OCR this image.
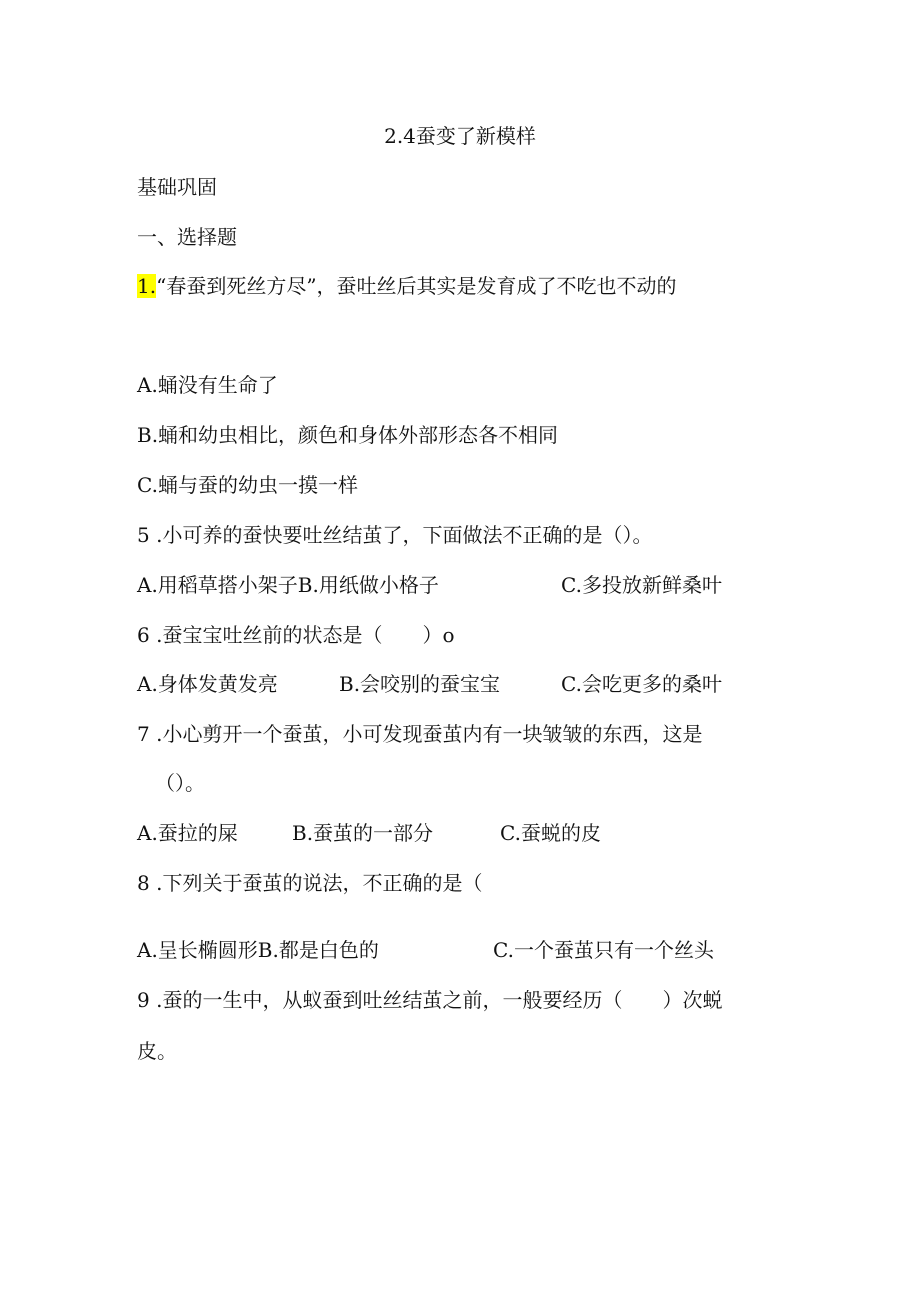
2.4蚕变了新模样
基础巩固
一、选择题
1.“春蚕到死丝方尽”，蚕吐丝后其实是发育成了不吃也不动的
A.蛹没有生命了
B.蛹和幼虫相比，颜色和身体外部形态各不相同
C.蛹与蚕的幼虫一摸一样
5 .小可养的蚕快要吐丝结茧了，下面做法不正确的是（）。
A.用稻草搭小架子B.用纸做小格子	C.多投放新鲜桑叶
6 .蚕宝宝吐丝前的状态是（　　）o
A.身体发黄发亮	B.会咬别的蚕宝宝	C.会吃更多的桑叶
7 .小心剪开一个蚕茧，小可发现蚕茧内有一块皱皱的东西，这是
（）。
A.蚕拉的屎	B.蚕茧的一部分	C.蚕蜕的皮
8 .下列关于蚕茧的说法，不正确的是（
A.呈长椭圆形B.都是白色的	C.一个蚕茧只有一个丝头
9 .蚕的一生中，从蚁蚕到吐丝结茧之前，一般要经历（　　）次蜕
皮。
